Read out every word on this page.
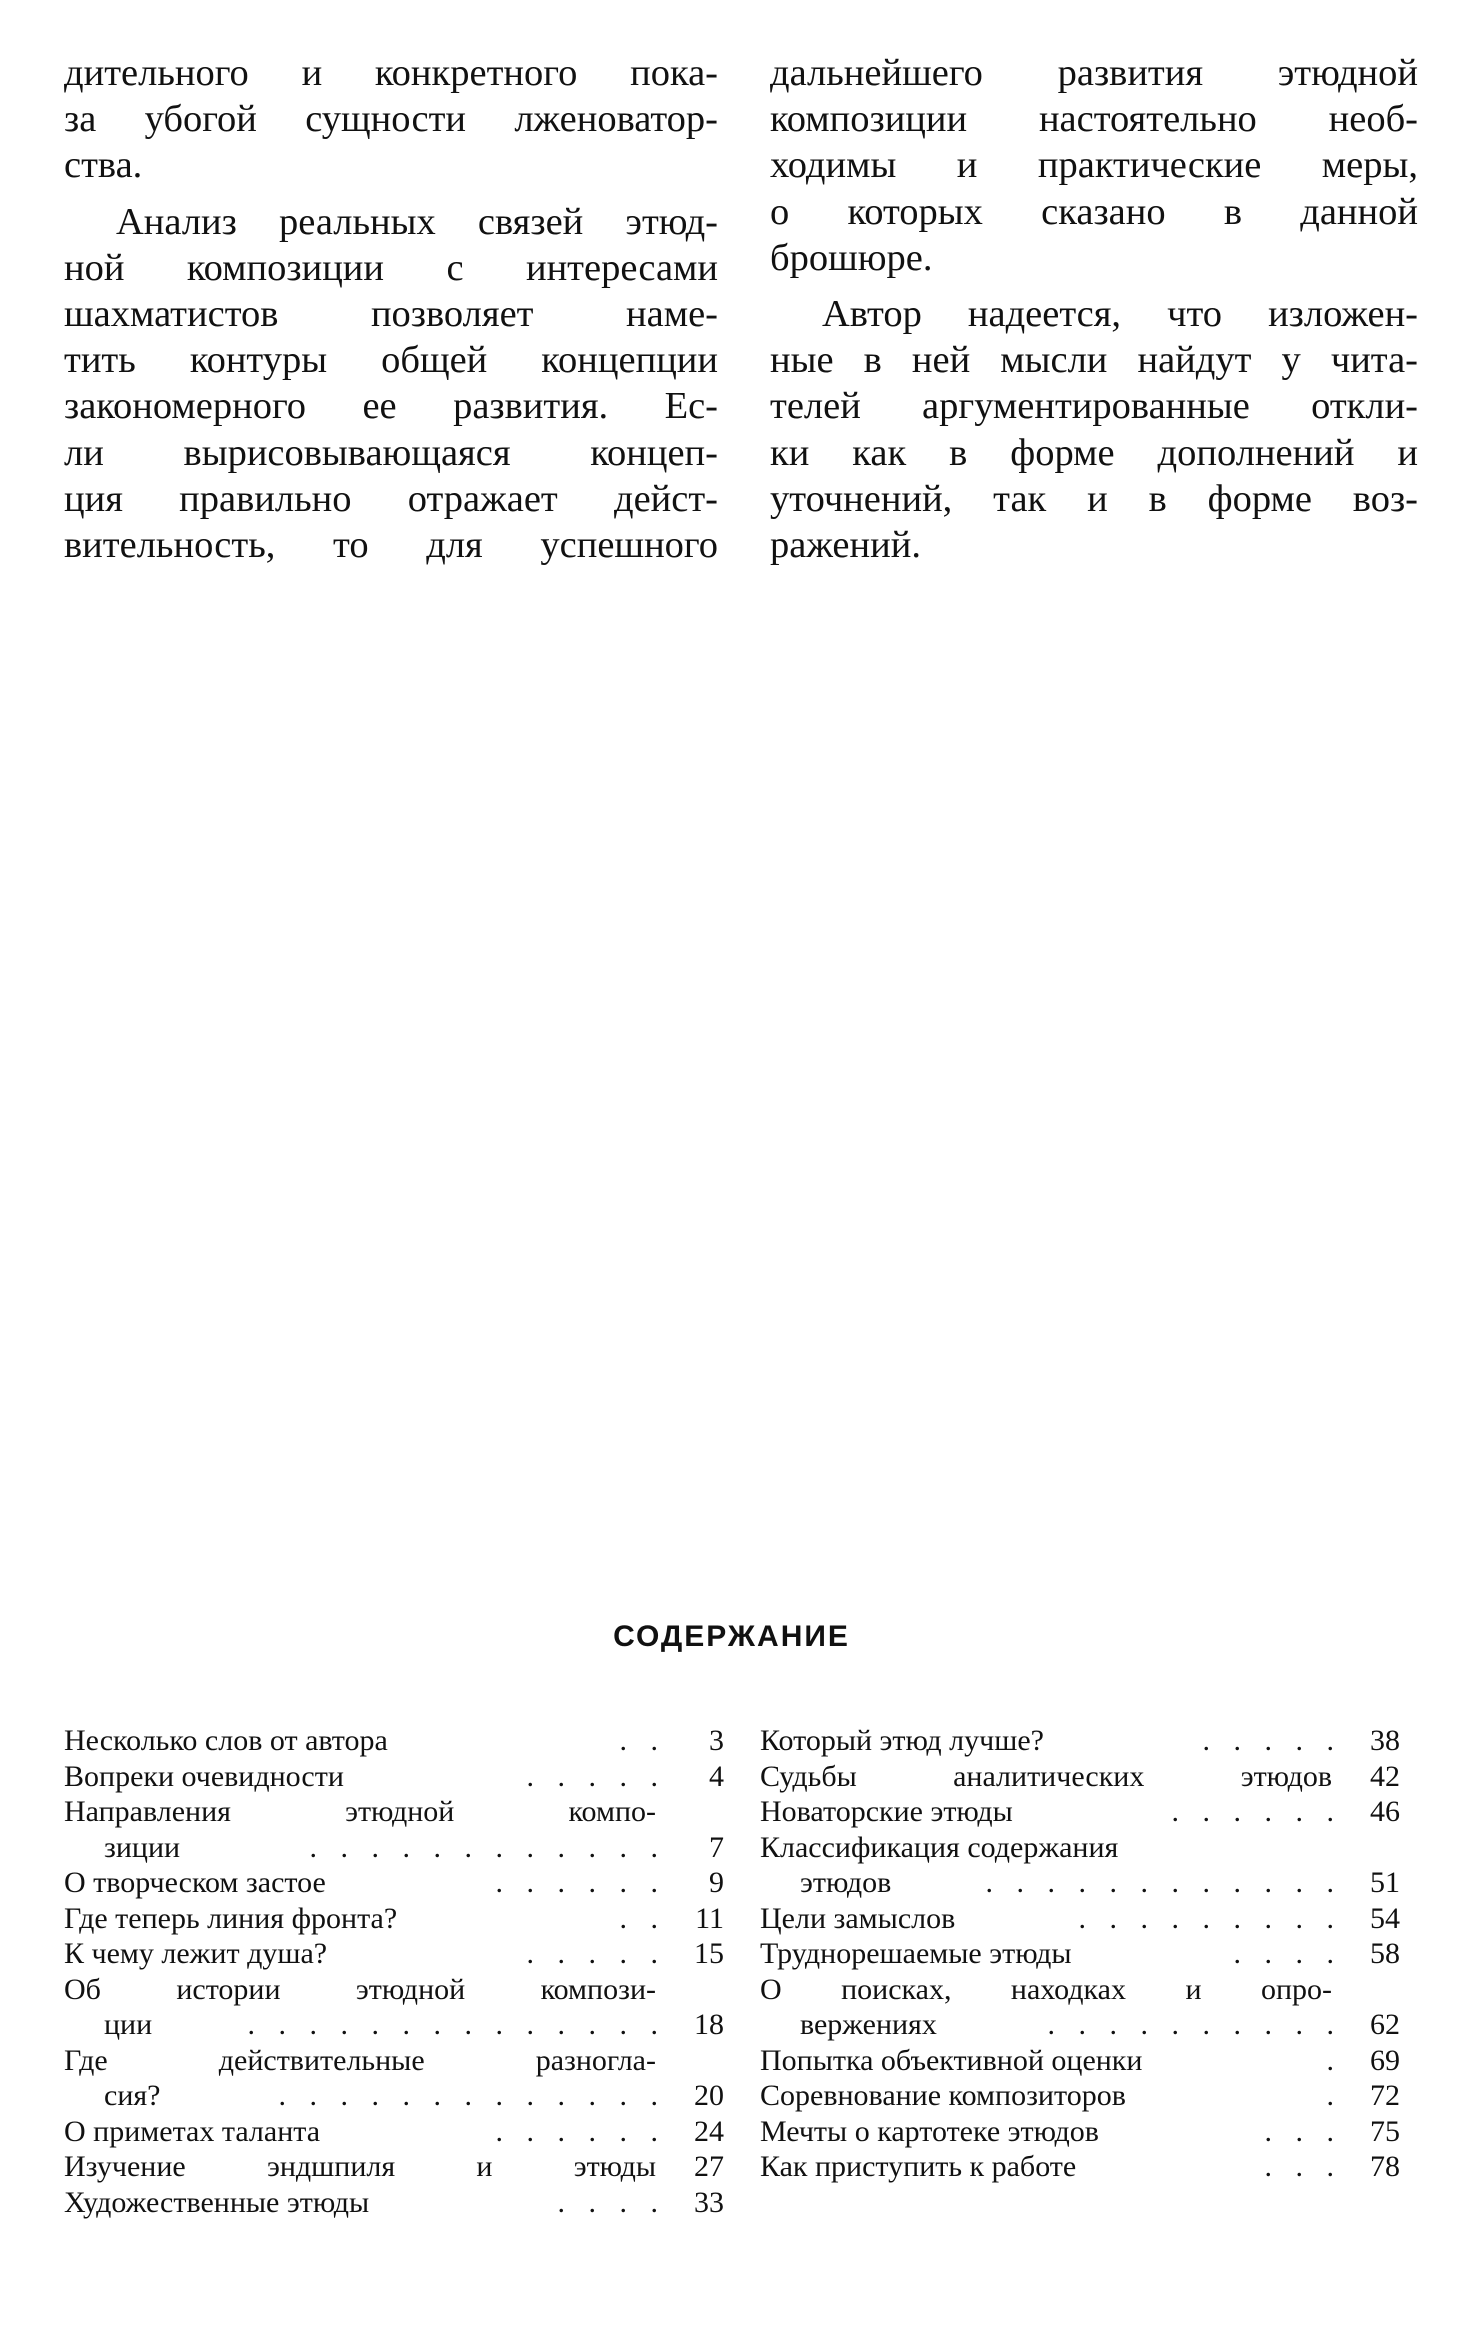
дительного и конкретного пока-
за убогой сущности лженоватор-
ства.
Анализ реальных связей этюд-
ной композиции с интересами
шахматистов позволяет наме-
тить контуры общей концепции
закономерного ее развития. Ес-
ли вырисовывающаяся концеп-
ция правильно отражает дейст-
вительность, то для успешного
дальнейшего развития этюдной
композиции настоятельно необ-
ходимы и практические меры,
о которых сказано в данной
брошюре.
Автор надеется, что изложен-
ные в ней мысли найдут у чита-
телей аргументированные откли-
ки как в форме дополнений и
уточнений, так и в форме воз-
ражений.
СОДЕРЖАНИЕ
Несколько слов от автора	. .	3
Вопреки очевидности	. . . . .	4
Направления этюдной компо-
зиции	. . . . . . . . . . . .	7
О творческом застое	. . . . . .	9
Где теперь линия фронта?	. . 11
К чему лежит душа?	. . . . . 15
Об истории этюдной компози-
ции	. . . . . . . . . . . . . . 18
Где действительные разногла-
сия?	. . . . . . . . . . . . . 20
О приметах таланта	. . . . . . 24
Изучение эндшпиля и этюды	27
Художественные этюды	. . . . 33
Который этюд лучше?	. . . . . 38
Судьбы аналитических этюдов	42
Новаторские этюды	. . . . . . 46
Классификация содержания
этюдов	. . . . . . . . . . . . 51
Цели замыслов	. . . . . . . . . 54
Труднорешаемые этюды	. . . . 58
О поисках, находках и опро-
вержениях	. . . . . . . . . . 62
Попытка объективной оценки	. 69
Соревнование композиторов	. 72
Мечты о картотеке этюдов	. . . 75
Как приступить к работе	. . . 78
